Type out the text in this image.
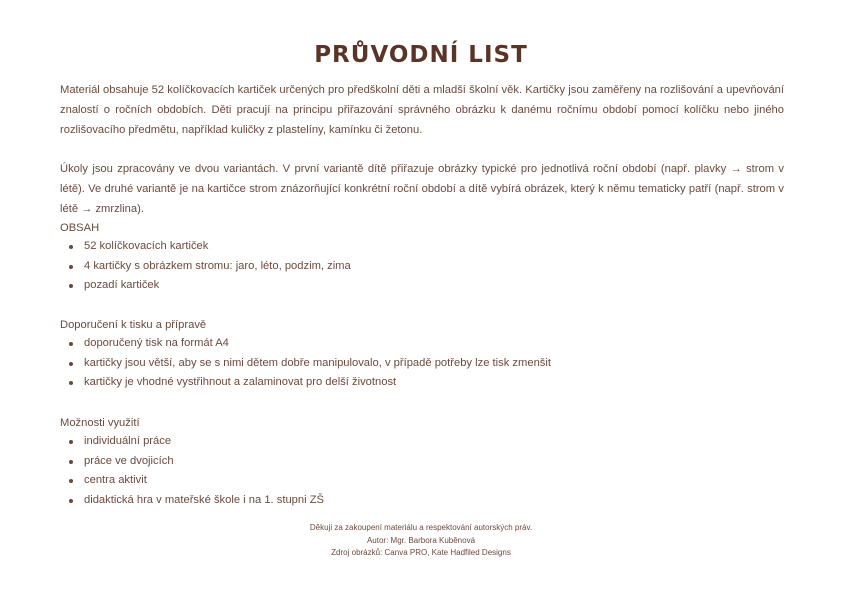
PRŮVODNÍ LIST

Materiál obsahuje 52 kolíčkovacích kartiček určených pro předškolní děti a mladší školní věk. Kartičky jsou zaměřeny na rozlišování a upevňování znalostí o ročních obdobích. Děti pracují na principu přiřazování správného obrázku k danému ročnímu období pomocí kolíčku nebo jiného rozlišovacího předmětu, například kuličky z plastelíny, kamínku či žetonu.

Úkoly jsou zpracovány ve dvou variantách. V první variantě dítě přiřazuje obrázky typické pro jednotlivá roční období (např. plavky → strom v létě). Ve druhé variantě je na kartičce strom znázorňující konkrétní roční období a dítě vybírá obrázek, který k němu tematicky patří (např. strom v létě → zmrzlina).

OBSAH

52 kolíčkovacích kartiček
4 kartičky s obrázkem stromu: jaro, léto, podzim, zima
pozadí kartiček

Doporučení k tisku a přípravě

doporučený tisk na formát A4
kartičky jsou větší, aby se s nimi dětem dobře manipulovalo, v případě potřeby lze tisk zmenšit
kartičky je vhodné vystřihnout a zalaminovat pro delší životnost

Možnosti využití

individuální práce
práce ve dvojicích
centra aktivit
didaktická hra v mateřské škole i na 1. stupni ZŠ
Děkuji za zakoupení materiálu a respektování autorských práv.
Autor: Mgr. Barbora Kuběnová
Zdroj obrázků: Canva PRO, Kate Hadfiled Designs
